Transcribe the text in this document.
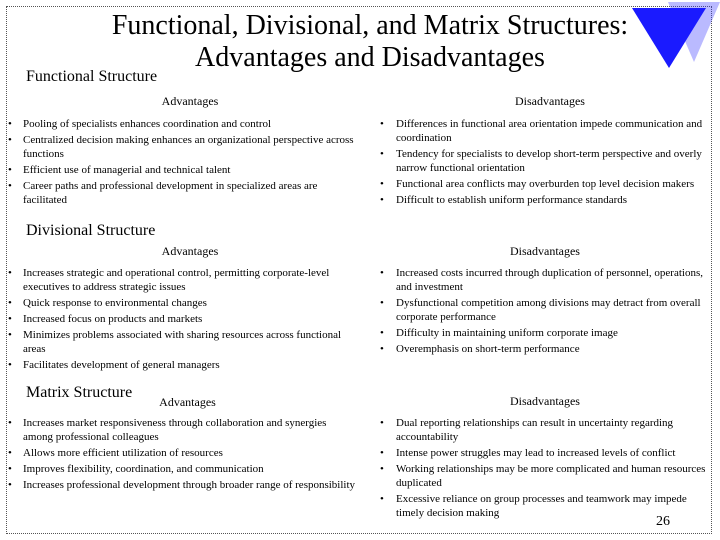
Functional, Divisional, and Matrix Structures: Advantages and Disadvantages
Functional Structure
Advantages	Disadvantages
• Pooling of specialists enhances coordination and control
• Centralized decision making enhances an organizational perspective across functions
• Efficient use of managerial and technical talent
• Career paths and professional development in specialized areas are facilitated
• Differences in functional area orientation impede communication and coordination
• Tendency for specialists to develop short-term perspective and overly narrow functional orientation
• Functional area conflicts may overburden top level decision makers
• Difficult to establish uniform performance standards
Divisional Structure
Advantages	Disadvantages
• Increases strategic and operational control, permitting corporate-level executives to address strategic issues
• Quick response to environmental changes
• Increased focus on products and markets
• Minimizes problems associated with sharing resources across functional areas
• Facilitates development of general managers
• Increased costs incurred through duplication of personnel, operations, and investment
• Dysfunctional competition among divisions may detract from overall corporate performance
• Difficulty in maintaining uniform corporate image
• Overemphasis on short-term performance
Matrix Structure
Advantages	Disadvantages
• Increases market responsiveness through collaboration and synergies among professional colleagues
• Allows more efficient utilization of resources
• Improves flexibility, coordination, and communication
• Increases professional development through broader range of responsibility
• Dual reporting relationships can result in uncertainty regarding accountability
• Intense power struggles may lead to increased levels of conflict
• Working relationships may be more complicated and human resources duplicated
• Excessive reliance on group processes and teamwork may impede timely decision making
26
